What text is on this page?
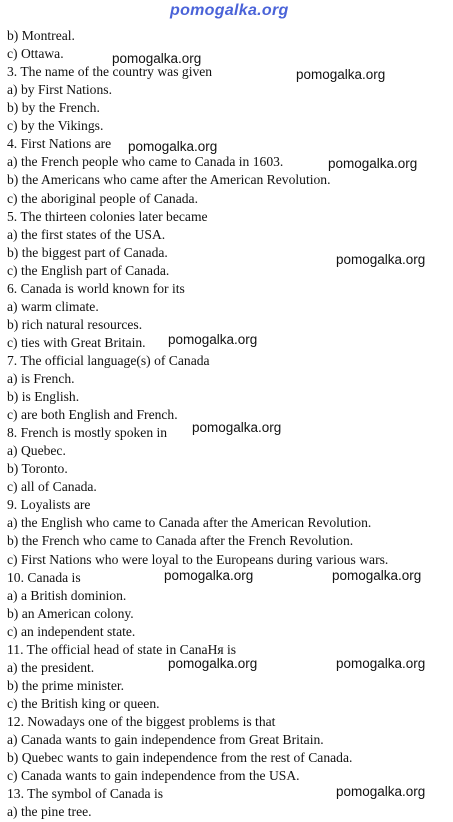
pomogalka.org
b) Montreal.
c) Ottawa.
3. The name of the country was given
a) by First Nations.
b) by the French.
c) by the Vikings.
4. First Nations are
a) the French people who came to Canada in 1603.
b) the Americans who came after the American Revolution.
c) the aboriginal people of Canada.
5. The thirteen colonies later became
a) the first states of the USA.
b) the biggest part of Canada.
c) the English part of Canada.
6. Canada is world known for its
a) warm climate.
b) rich natural resources.
c) ties with Great Britain.
7. The official language(s) of Canada
a) is French.
b) is English.
c) are both English and French.
8. French is mostly spoken in
a) Quebec.
b) Toronto.
c) all of Canada.
9. Loyalists are
a) the English who came to Canada after the American Revolution.
b) the French who came to Canada after the French Revolution.
c) First Nations who were loyal to the Europeans during various wars.
10. Canada is
a) a British dominion.
b) an American colony.
c) an independent state.
11. The official head of state in CanaНя is
a) the president.
b) the prime minister.
c) the British king or queen.
12. Nowadays one of the biggest problems is that
a) Canada wants to gain independence from Great Britain.
b) Quebec wants to gain independence from the rest of Canada.
c) Canada wants to gain independence from the USA.
13. The symbol of Canada is
a) the pine tree.
pomogalka.org
pomogalka.org
pomogalka.org
pomogalka.org
pomogalka.org
pomogalka.org
pomogalka.org
pomogalka.org	pomogalka.org
pomogalka.org	pomogalka.org
pomogalka.org
